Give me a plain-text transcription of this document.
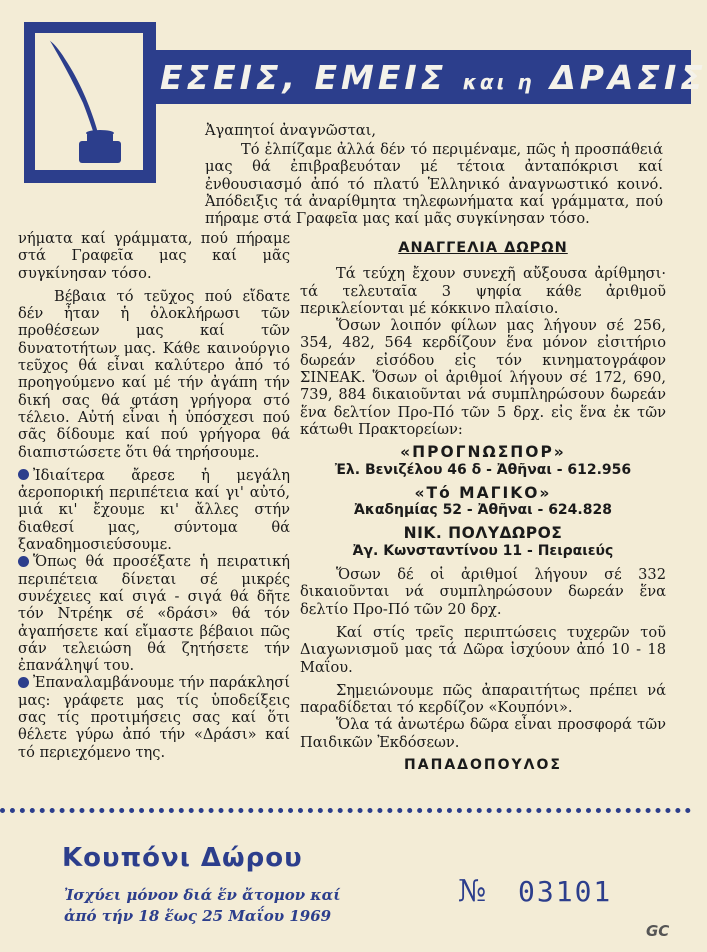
ΕΣΕΙΣ, ΕΜΕΙΣ και η ΔΡΑΣΙΣ

Ἀγαπητοί ἀναγνῶσται,

Τό ἐλπίζαμε ἀλλά δέν τό περιμέναμε, πῶς ἡ προσπάθειά μας θά ἐπιβραβευόταν μέ τέτοια ἀνταπόκρισι καί ἐνθουσιασμό ἀπό τό πλατύ Ἑλληνικό ἀναγνωστικό κοινό. Ἀπόδειξις τά ἀναρίθμητα τηλεφωνήματα καί γράμματα, πού πήραμε στά Γραφεῖα μας καί μᾶς συγκίνησαν τόσο.

νήματα καί γράμματα, πού πήραμε στά Γραφεῖα μας καί μᾶς συγκίνησαν τόσο.

Βέβαια τό τεῦχος πού εἴδατε δέν ἦταν ἡ ὁλοκλήρωσι τῶν προθέσεων μας καί τῶν δυνατοτήτων μας. Κάθε καινούργιο τεῦχος θά εἶναι καλύτερο ἀπό τό προηγούμενο καί μέ τήν ἀγάπη τήν δική σας θά φτάση γρήγορα στό τέλειο. Αὐτή εἶναι ἡ ὑπόσχεσι πού σᾶς δίδουμε καί πού γρήγορα θά διαπιστώσετε ὅτι θά τηρήσουμε.

Ἰδιαίτερα ἄρεσε ἡ μεγάλη ἀεροπορική περιπέτεια καί γι' αὐτό, μιά κι' ἔχουμε κι' ἄλλες στήν διαθεσί μας, σύντομα θά ξαναδημοσιεύσουμε.

Ὅπως θά προσέξατε ἡ πειρατική περιπέτεια δίνεται σέ μικρές συνέχειες καί σιγά - σιγά θά δῆτε τόν Ντρέηκ σέ «δράσι» θά τόν ἀγαπήσετε καί εἴμαστε βέβαιοι πῶς σάν τελειώση θά ζητήσετε τήν ἐπανάληψί του.

Ἐπαναλαμβάνουμε τήν παράκλησί μας: γράφετε μας τίς ὑποδείξεις σας τίς προτιμήσεις σας καί ὅτι θέλετε γύρω ἀπό τήν «Δράσι» καί τό περιεχόμενο της.

ΑΝΑΓΓΕΛΙΑ ΔΩΡΩΝ

Τά τεύχη ἔχουν συνεχῆ αὔξουσα ἀρίθμησι· τά τελευταῖα 3 ψηφία κάθε ἀριθμοῦ περικλείονται μέ κόκκινο πλαίσιο.

Ὅσων λοιπόν φίλων μας λήγουν σέ 256, 354, 482, 564 κερδίζουν ἕνα μόνον εἰσιτήριο δωρεάν εἰσόδου εἰς τόν κινηματογράφον ΣΙΝΕΑΚ. Ὅσων οἱ ἀριθμοί λήγουν σέ 172, 690, 739, 884 δικαιοῦνται νά συμπληρώσουν δωρεάν ἕνα δελτίον Προ-Πό τῶν 5 δρχ. εἰς ἕνα ἐκ τῶν κάτωθι Πρακτορείων:

«ΠΡΟΓΝΩΣΠΟΡ»

Ἐλ. Βενιζέλου 46 δ - Ἀθῆναι - 612.956

«Τό ΜΑΓΙΚΟ»

Ἀκαδημίας 52 - Ἀθῆναι - 624.828

ΝΙΚ. ΠΟΛΥΔΩΡΟΣ

Ἀγ. Κωνσταντίνου 11 - Πειραιεύς

Ὅσων δέ οἱ ἀριθμοί λήγουν σέ 332 δικαιοῦνται νά συμπληρώσουν δωρεάν ἕνα δελτίο Προ-Πό τῶν 20 δρχ.

Καί στίς τρεῖς περιπτώσεις τυχερῶν τοῦ Διαγωνισμοῦ μας τά Δῶρα ἰσχύουν ἀπό 10 - 18 Μαΐου.

Σημειώνουμε πῶς ἀπαραιτήτως πρέπει νά παραδίδεται τό κερδίζον «Κουπόνι».

Ὅλα τά ἀνωτέρω δῶρα εἶναι προσφορά τῶν Παιδικῶν Ἐκδόσεων.

ΠΑΠΑΔΟΠΟΥΛΟΣ

Κουπόνι Δώρου
Ἰσχύει μόνον διά ἕν ἄτομον καί
ἀπό τήν 18 ἕως 25 Μαΐου 1969
№	03101
GC
